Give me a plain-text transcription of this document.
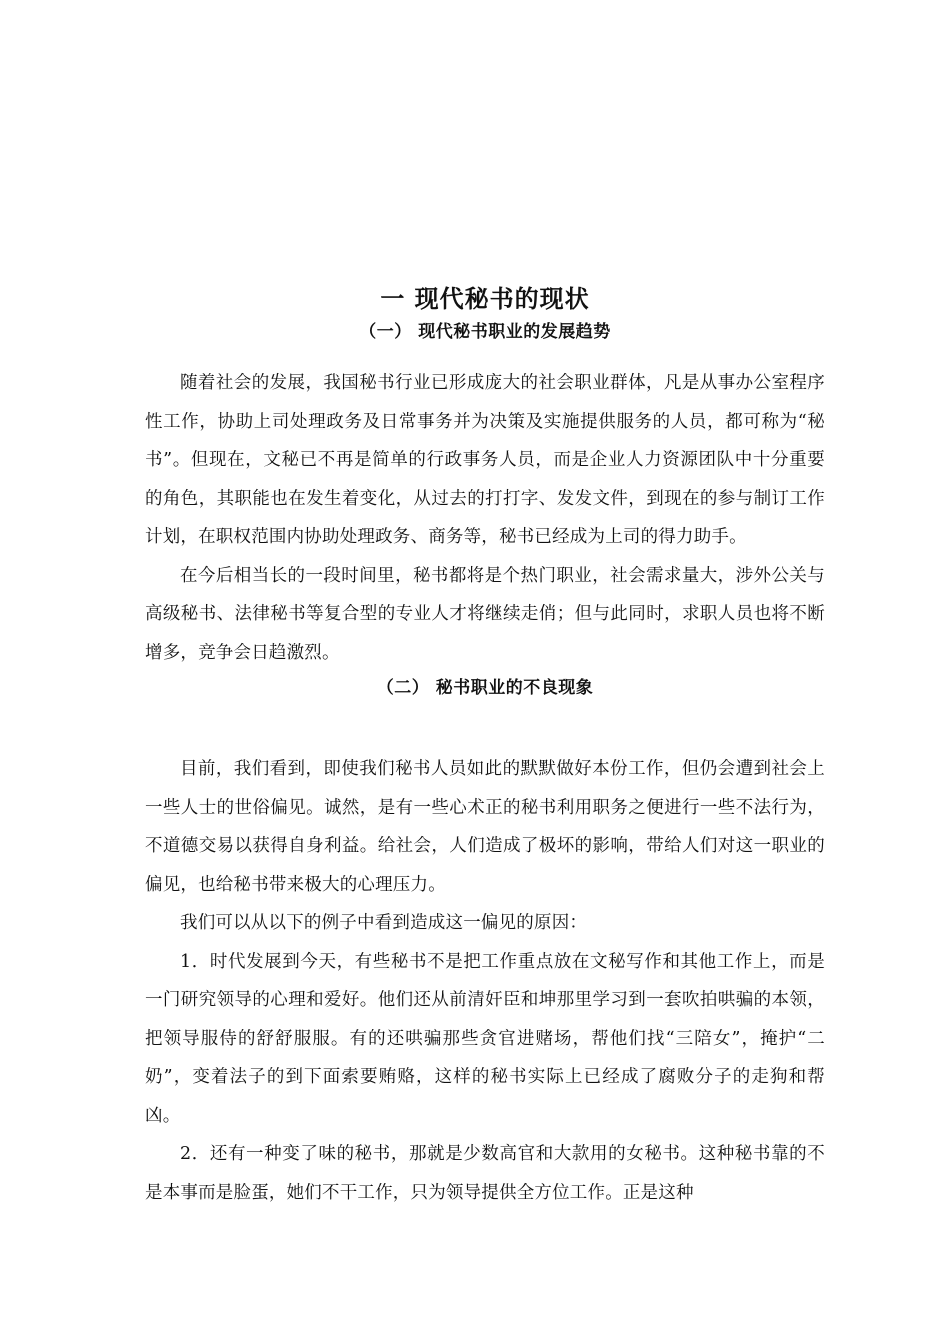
一 现代秘书的现状
（一） 现代秘书职业的发展趋势

随着社会的发展，我国秘书行业已形成庞大的社会职业群体，凡是从事办公室程序性工作，协助上司处理政务及日常事务并为决策及实施提供服务的人员，都可称为“秘书”。但现在，文秘已不再是简单的行政事务人员，而是企业人力资源团队中十分重要的角色，其职能也在发生着变化，从过去的打打字、发发文件，到现在的参与制订工作计划，在职权范围内协助处理政务、商务等，秘书已经成为上司的得力助手。

在今后相当长的一段时间里，秘书都将是个热门职业，社会需求量大，涉外公关与高级秘书、法律秘书等复合型的专业人才将继续走俏；但与此同时，求职人员也将不断增多，竞争会日趋激烈。

（二） 秘书职业的不良现象

目前，我们看到，即使我们秘书人员如此的默默做好本份工作，但仍会遭到社会上一些人士的世俗偏见。诚然，是有一些心术正的秘书利用职务之便进行一些不法行为，不道德交易以获得自身利益。给社会，人们造成了极坏的影响，带给人们对这一职业的偏见，也给秘书带来极大的心理压力。

我们可以从以下的例子中看到造成这一偏见的原因：

1．时代发展到今天，有些秘书不是把工作重点放在文秘写作和其他工作上，而是一门研究领导的心理和爱好。他们还从前清奸臣和坤那里学习到一套吹拍哄骗的本领，把领导服侍的舒舒服服。有的还哄骗那些贪官进赌场，帮他们找“三陪女”，掩护“二奶”，变着法子的到下面索要贿赂，这样的秘书实际上已经成了腐败分子的走狗和帮凶。

2．还有一种变了味的秘书，那就是少数高官和大款用的女秘书。这种秘书靠的不是本事而是脸蛋，她们不干工作，只为领导提供全方位工作。正是这种
